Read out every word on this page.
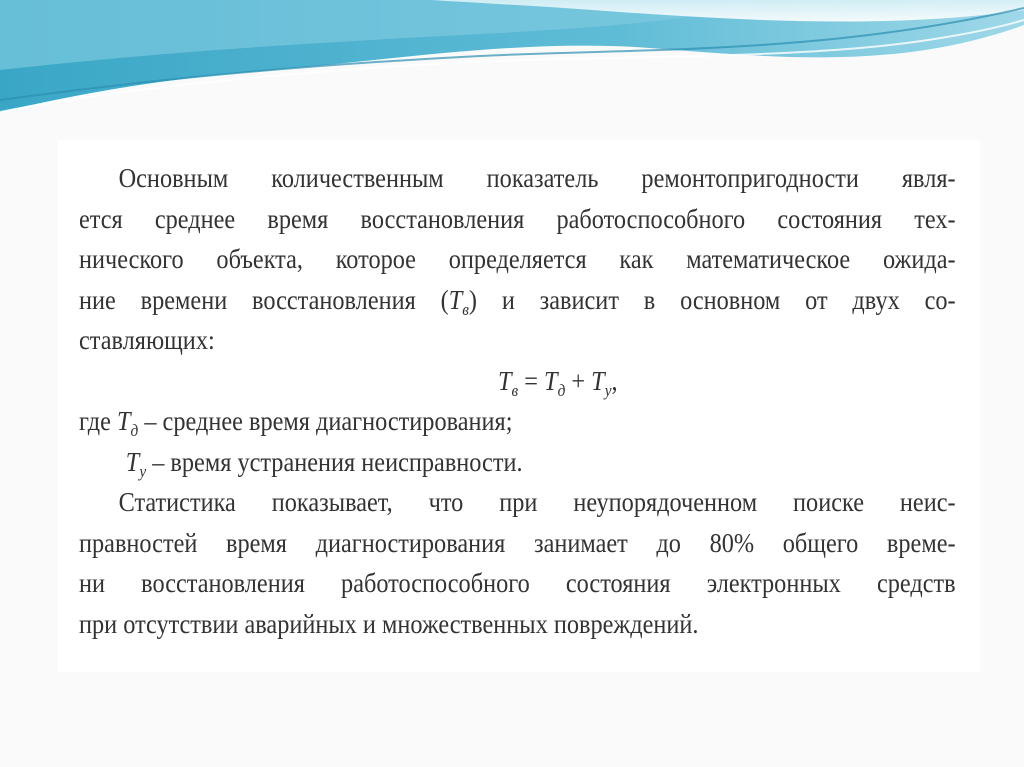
Основным количественным показатель ремонтопригодности явля-

ется среднее время восстановления работоспособного состояния тех-

нического объекта, которое определяется как математическое ожида-

ние времени восстановления $(T_в)$ и зависит в основном от двух со-

ставляющих:

$T_в = T_д + T_у$,

где $T_д$ – среднее время диагностирования;

$T_у$ – время устранения неисправности.

Статистика показывает, что при неупорядоченном поиске неис-

правностей время диагностирования занимает до 80% общего време-

ни восстановления работоспособного состояния электронных средств

при отсутствии аварийных и множественных повреждений.
